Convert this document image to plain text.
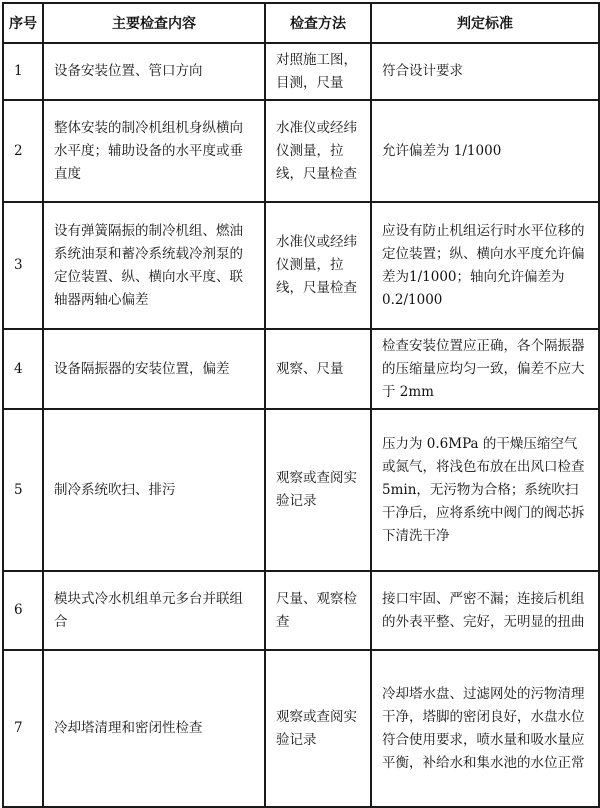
序号	主要检查内容	检查方法	判定标准
1	设备安装位置、管口方向	对照施工图，目测，尺量	符合设计要求
2	整体安装的制冷机组机身纵横向水平度；辅助设备的水平度或垂直度	水准仪或经纬仪测量，拉线，尺量检查	允许偏差为 1/1000
3	设有弹簧隔振的制冷机组、燃油系统油泵和蓄冷系统载冷剂泵的定位装置、纵、横向水平度、联轴器两轴心偏差	水准仪或经纬仪测量，拉线，尺量检查	应设有防止机组运行时水平位移的定位装置；纵、横向水平度允许偏差为1/1000；轴向允许偏差为 0.2/1000
4	设备隔振器的安装位置，偏差	观察、尺量	检查安装位置应正确，各个隔振器的压缩量应均匀一致，偏差不应大于 2mm
5	制冷系统吹扫、排污	观察或查阅实验记录	压力为 0.6MPa 的干燥压缩空气或氮气，将浅色布放在出风口检查 5min，无污物为合格；系统吹扫干净后，应将系统中阀门的阀芯拆下清洗干净
6	模块式冷水机组单元多台并联组合	尺量、观察检查	接口牢固、严密不漏；连接后机组的外表平整、完好，无明显的扭曲
7	冷却塔清理和密闭性检查	观察或查阅实验记录	冷却塔水盘、过滤网处的污物清理干净，塔脚的密闭良好，水盘水位符合使用要求，喷水量和吸水量应平衡，补给水和集水池的水位正常
